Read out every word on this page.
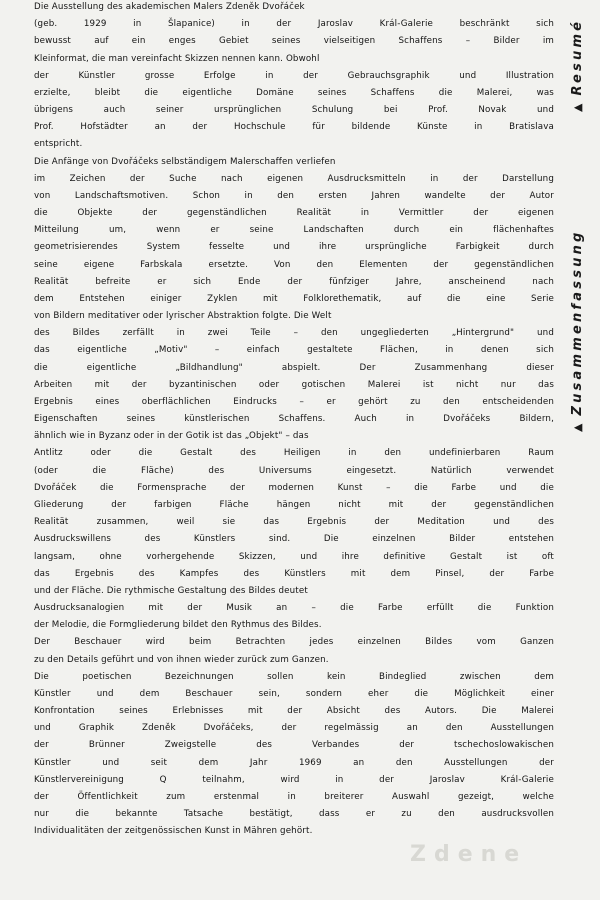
Die Ausstellung des akademischen Malers Zdeněk Dvořáček
(geb. 1929 in Šlapanice) in der Jaroslav Král-Galerie beschränkt sich
bewusst auf ein enges Gebiet seines vielseitigen Schaffens – Bilder im
Kleinformat, die man vereinfacht Skizzen nennen kann. Obwohl
der Künstler grosse Erfolge in der Gebrauchsgraphik und Illustration
erzielte, bleibt die eigentliche Domäne seines Schaffens die Malerei, was
übrigens auch seiner ursprünglichen Schulung bei Prof. Novak und
Prof. Hofstädter an der Hochschule für bildende Künste in Bratislava
entspricht.
Die Anfänge von Dvořáčeks selbständigem Malerschaffen verliefen
im Zeichen der Suche nach eigenen Ausdrucksmitteln in der Darstellung
von Landschaftsmotiven. Schon in den ersten Jahren wandelte der Autor
die Objekte der gegenständlichen Realität in Vermittler der eigenen
Mitteilung um, wenn er seine Landschaften durch ein flächenhaftes
geometrisierendes System fesselte und ihre ursprüngliche Farbigkeit durch
seine eigene Farbskala ersetzte. Von den Elementen der gegenständlichen
Realität befreite er sich Ende der fünfziger Jahre, anscheinend nach
dem Entstehen einiger Zyklen mit Folklorethematik, auf die eine Serie
von Bildern meditativer oder lyrischer Abstraktion folgte. Die Welt
des Bildes zerfällt in zwei Teile – den ungegliederten „Hintergrund" und
das eigentliche „Motiv" – einfach gestaltete Flächen, in denen sich
die eigentliche „Bildhandlung" abspielt. Der Zusammenhang dieser
Arbeiten mit der byzantinischen oder gotischen Malerei ist nicht nur das
Ergebnis eines oberflächlichen Eindrucks – er gehört zu den entscheidenden
Eigenschaften seines künstlerischen Schaffens. Auch in Dvořáčeks Bildern,
ähnlich wie in Byzanz oder in der Gotik ist das „Objekt" – das
Antlitz oder die Gestalt des Heiligen in den undefinierbaren Raum
(oder die Fläche) des Universums eingesetzt. Natürlich verwendet
Dvořáček die Formensprache der modernen Kunst – die Farbe und die
Gliederung der farbigen Fläche hängen nicht mit der gegenständlichen
Realität zusammen, weil sie das Ergebnis der Meditation und des
Ausdruckswillens des Künstlers sind. Die einzelnen Bilder entstehen
langsam, ohne vorhergehende Skizzen, und ihre definitive Gestalt ist oft
das Ergebnis des Kampfes des Künstlers mit dem Pinsel, der Farbe
und der Fläche. Die rythmische Gestaltung des Bildes deutet
Ausdrucksanalogien mit der Musik an – die Farbe erfüllt die Funktion
der Melodie, die Formgliederung bildet den Rythmus des Bildes.
Der Beschauer wird beim Betrachten jedes einzelnen Bildes vom Ganzen
zu den Details geführt und von ihnen wieder zurück zum Ganzen.
Die poetischen Bezeichnungen sollen kein Bindeglied zwischen dem
Künstler und dem Beschauer sein, sondern eher die Möglichkeit einer
Konfrontation seines Erlebnisses mit der Absicht des Autors. Die Malerei
und Graphik Zdeněk Dvořáčeks, der regelmässig an den Ausstellungen
der Brünner Zweigstelle des Verbandes der tschechoslowakischen
Künstler und seit dem Jahr 1969 an den Ausstellungen der
Künstlervereinigung Q teilnahm, wird in der Jaroslav Král-Galerie
der Öffentlichkeit zum erstenmal in breiterer Auswahl gezeigt, welche
nur die bekannte Tatsache bestätigt, dass er zu den ausdrucksvollen
Individualitäten der zeitgenössischen Kunst in Mähren gehört.
▲Resumé
▲Zusammenfassung
Zdene
